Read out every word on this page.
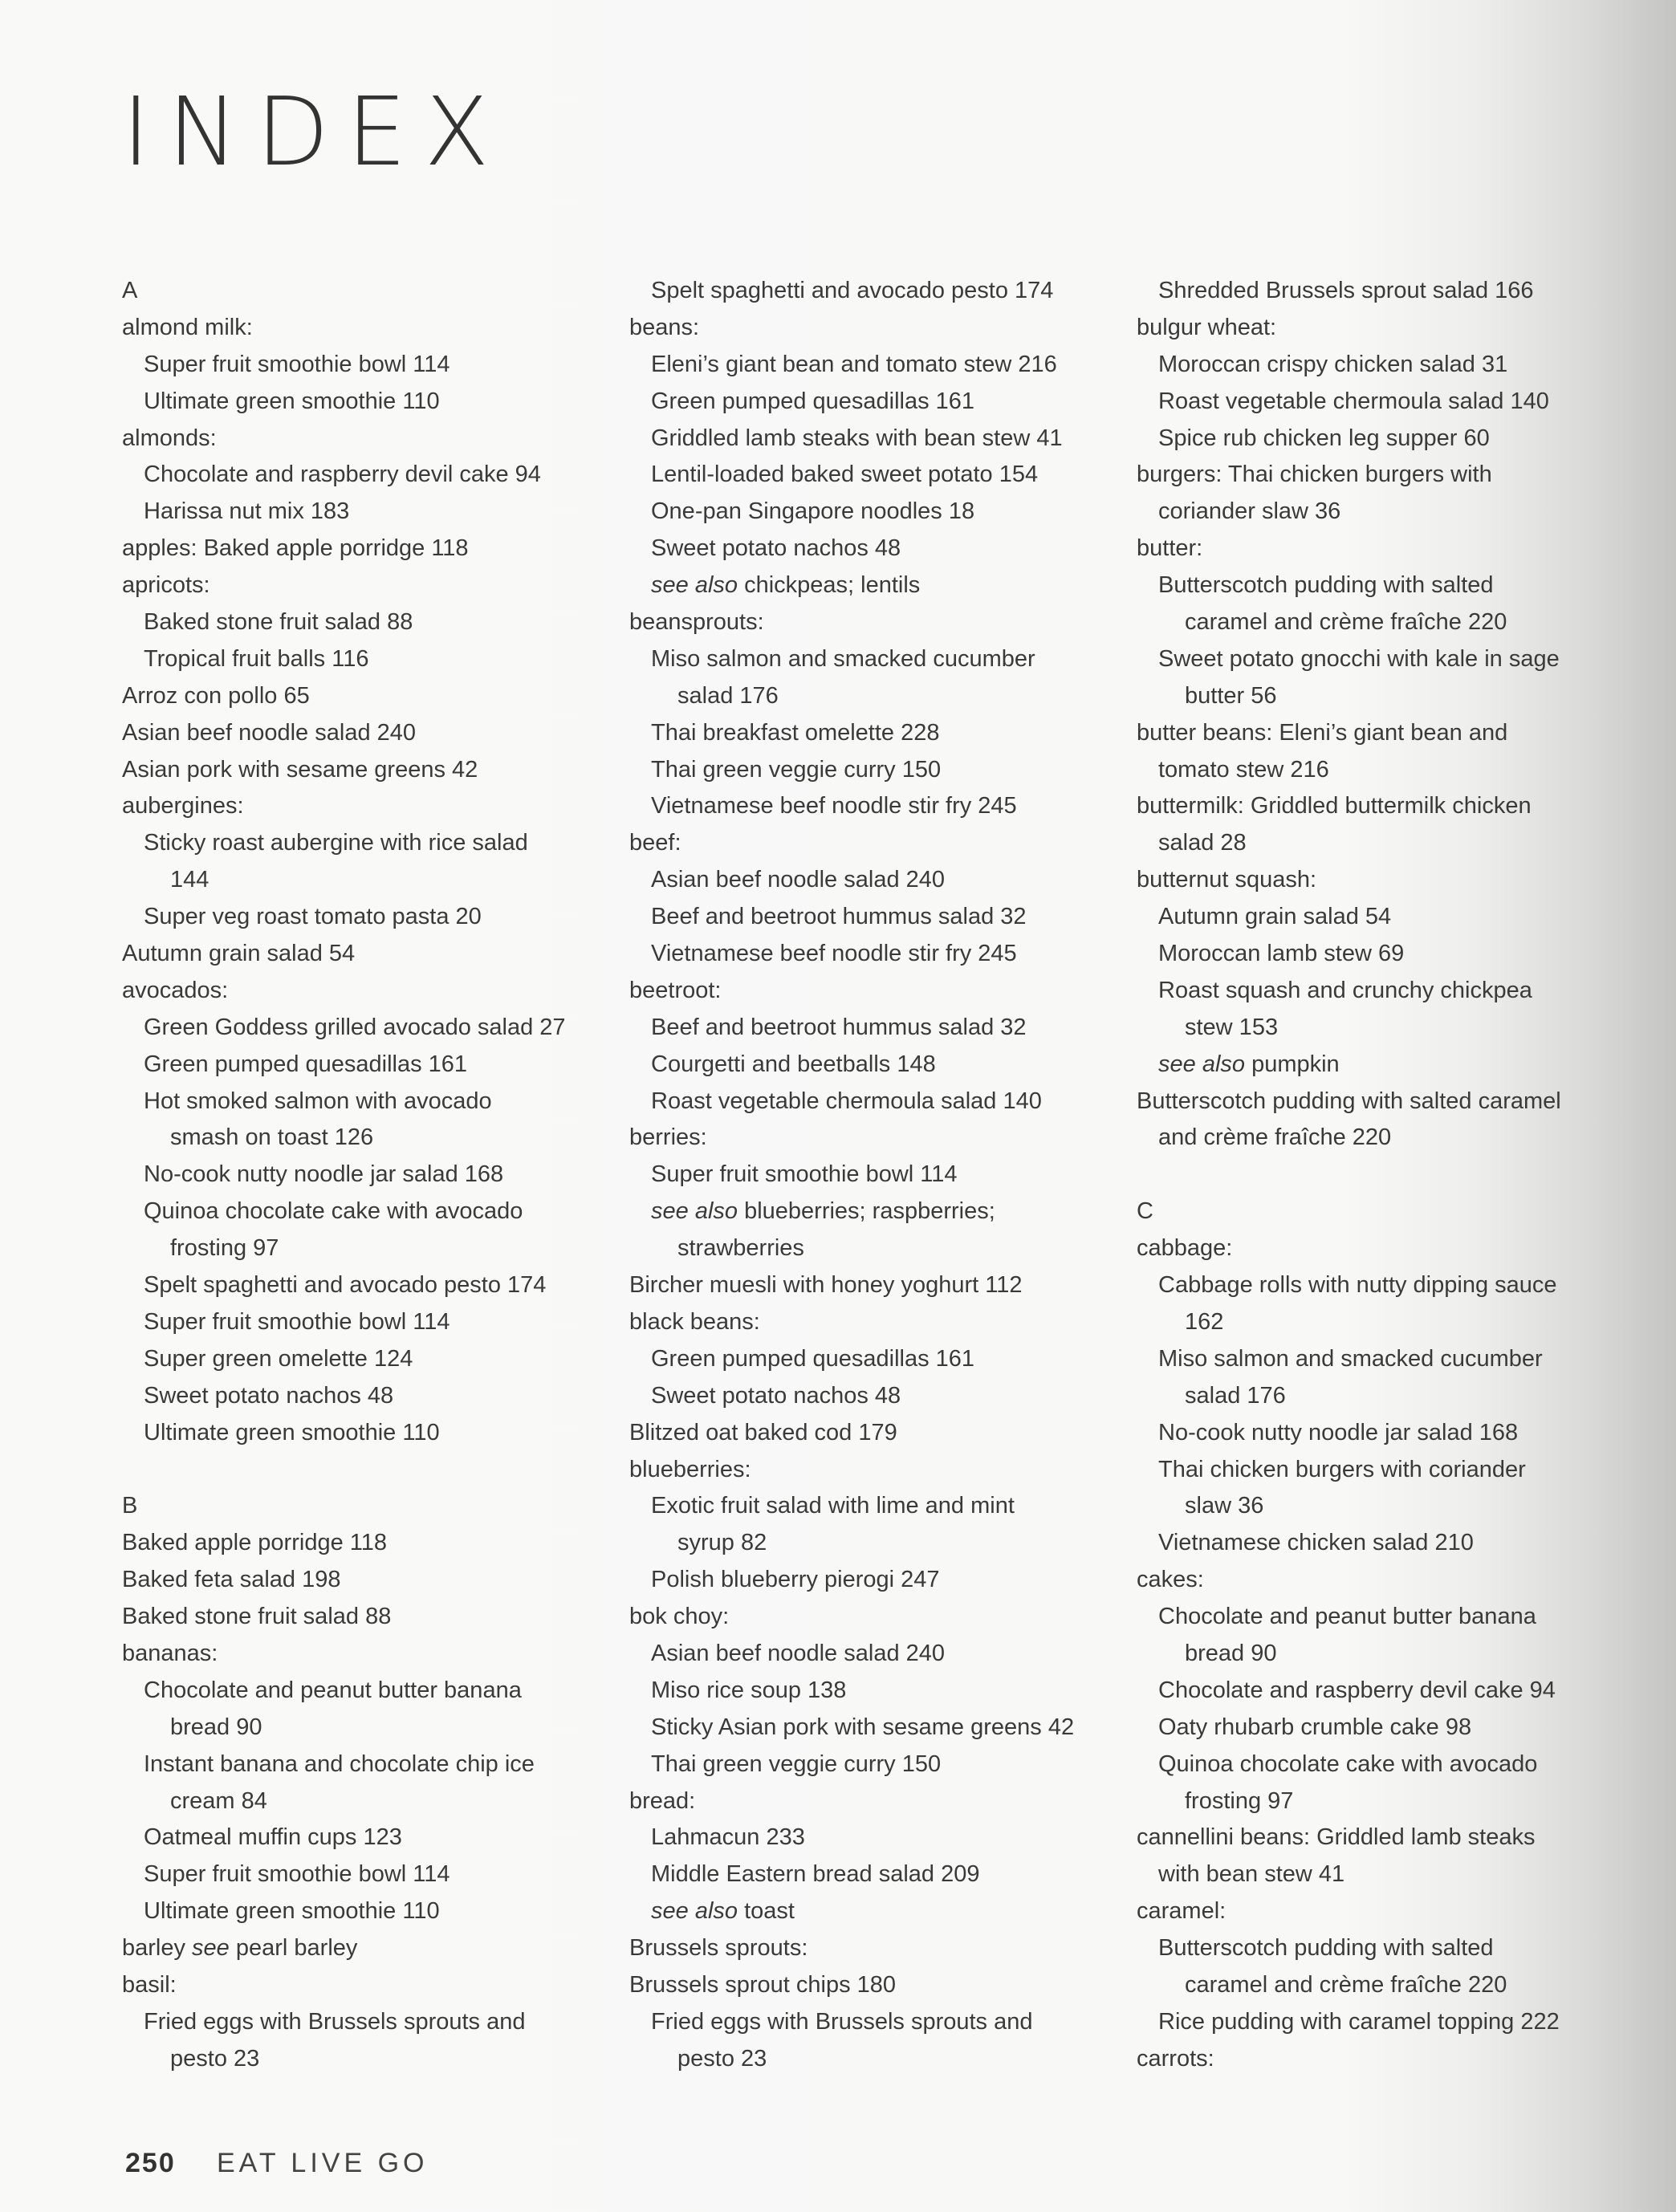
INDEX
A
almond milk:
Super fruit smoothie bowl 114
Ultimate green smoothie 110
almonds:
Chocolate and raspberry devil cake 94
Harissa nut mix 183
apples: Baked apple porridge 118
apricots:
Baked stone fruit salad 88
Tropical fruit balls 116
Arroz con pollo 65
Asian beef noodle salad 240
Asian pork with sesame greens 42
aubergines:
Sticky roast aubergine with rice salad
144
Super veg roast tomato pasta 20
Autumn grain salad 54
avocados:
Green Goddess grilled avocado salad 27
Green pumped quesadillas 161
Hot smoked salmon with avocado
smash on toast 126
No-cook nutty noodle jar salad 168
Quinoa chocolate cake with avocado
frosting 97
Spelt spaghetti and avocado pesto 174
Super fruit smoothie bowl 114
Super green omelette 124
Sweet potato nachos 48
Ultimate green smoothie 110
B
Baked apple porridge 118
Baked feta salad 198
Baked stone fruit salad 88
bananas:
Chocolate and peanut butter banana
bread 90
Instant banana and chocolate chip ice
cream 84
Oatmeal muffin cups 123
Super fruit smoothie bowl 114
Ultimate green smoothie 110
barley see pearl barley
basil:
Fried eggs with Brussels sprouts and
pesto 23
Spelt spaghetti and avocado pesto 174
beans:
Eleni’s giant bean and tomato stew 216
Green pumped quesadillas 161
Griddled lamb steaks with bean stew 41
Lentil-loaded baked sweet potato 154
One-pan Singapore noodles 18
Sweet potato nachos 48
see also chickpeas; lentils
beansprouts:
Miso salmon and smacked cucumber
salad 176
Thai breakfast omelette 228
Thai green veggie curry 150
Vietnamese beef noodle stir fry 245
beef:
Asian beef noodle salad 240
Beef and beetroot hummus salad 32
Vietnamese beef noodle stir fry 245
beetroot:
Beef and beetroot hummus salad 32
Courgetti and beetballs 148
Roast vegetable chermoula salad 140
berries:
Super fruit smoothie bowl 114
see also blueberries; raspberries;
strawberries
Bircher muesli with honey yoghurt 112
black beans:
Green pumped quesadillas 161
Sweet potato nachos 48
Blitzed oat baked cod 179
blueberries:
Exotic fruit salad with lime and mint
syrup 82
Polish blueberry pierogi 247
bok choy:
Asian beef noodle salad 240
Miso rice soup 138
Sticky Asian pork with sesame greens 42
Thai green veggie curry 150
bread:
Lahmacun 233
Middle Eastern bread salad 209
see also toast
Brussels sprouts:
Brussels sprout chips 180
Fried eggs with Brussels sprouts and
pesto 23
Shredded Brussels sprout salad 166
bulgur wheat:
Moroccan crispy chicken salad 31
Roast vegetable chermoula salad 140
Spice rub chicken leg supper 60
burgers: Thai chicken burgers with
coriander slaw 36
butter:
Butterscotch pudding with salted
caramel and crème fraîche 220
Sweet potato gnocchi with kale in sage
butter 56
butter beans: Eleni’s giant bean and
tomato stew 216
buttermilk: Griddled buttermilk chicken
salad 28
butternut squash:
Autumn grain salad 54
Moroccan lamb stew 69
Roast squash and crunchy chickpea
stew 153
see also pumpkin
Butterscotch pudding with salted caramel
and crème fraîche 220
C
cabbage:
Cabbage rolls with nutty dipping sauce
162
Miso salmon and smacked cucumber
salad 176
No-cook nutty noodle jar salad 168
Thai chicken burgers with coriander
slaw 36
Vietnamese chicken salad 210
cakes:
Chocolate and peanut butter banana
bread 90
Chocolate and raspberry devil cake 94
Oaty rhubarb crumble cake 98
Quinoa chocolate cake with avocado
frosting 97
cannellini beans: Griddled lamb steaks
with bean stew 41
caramel:
Butterscotch pudding with salted
caramel and crème fraîche 220
Rice pudding with caramel topping 222
carrots:
250 EAT LIVE GO
